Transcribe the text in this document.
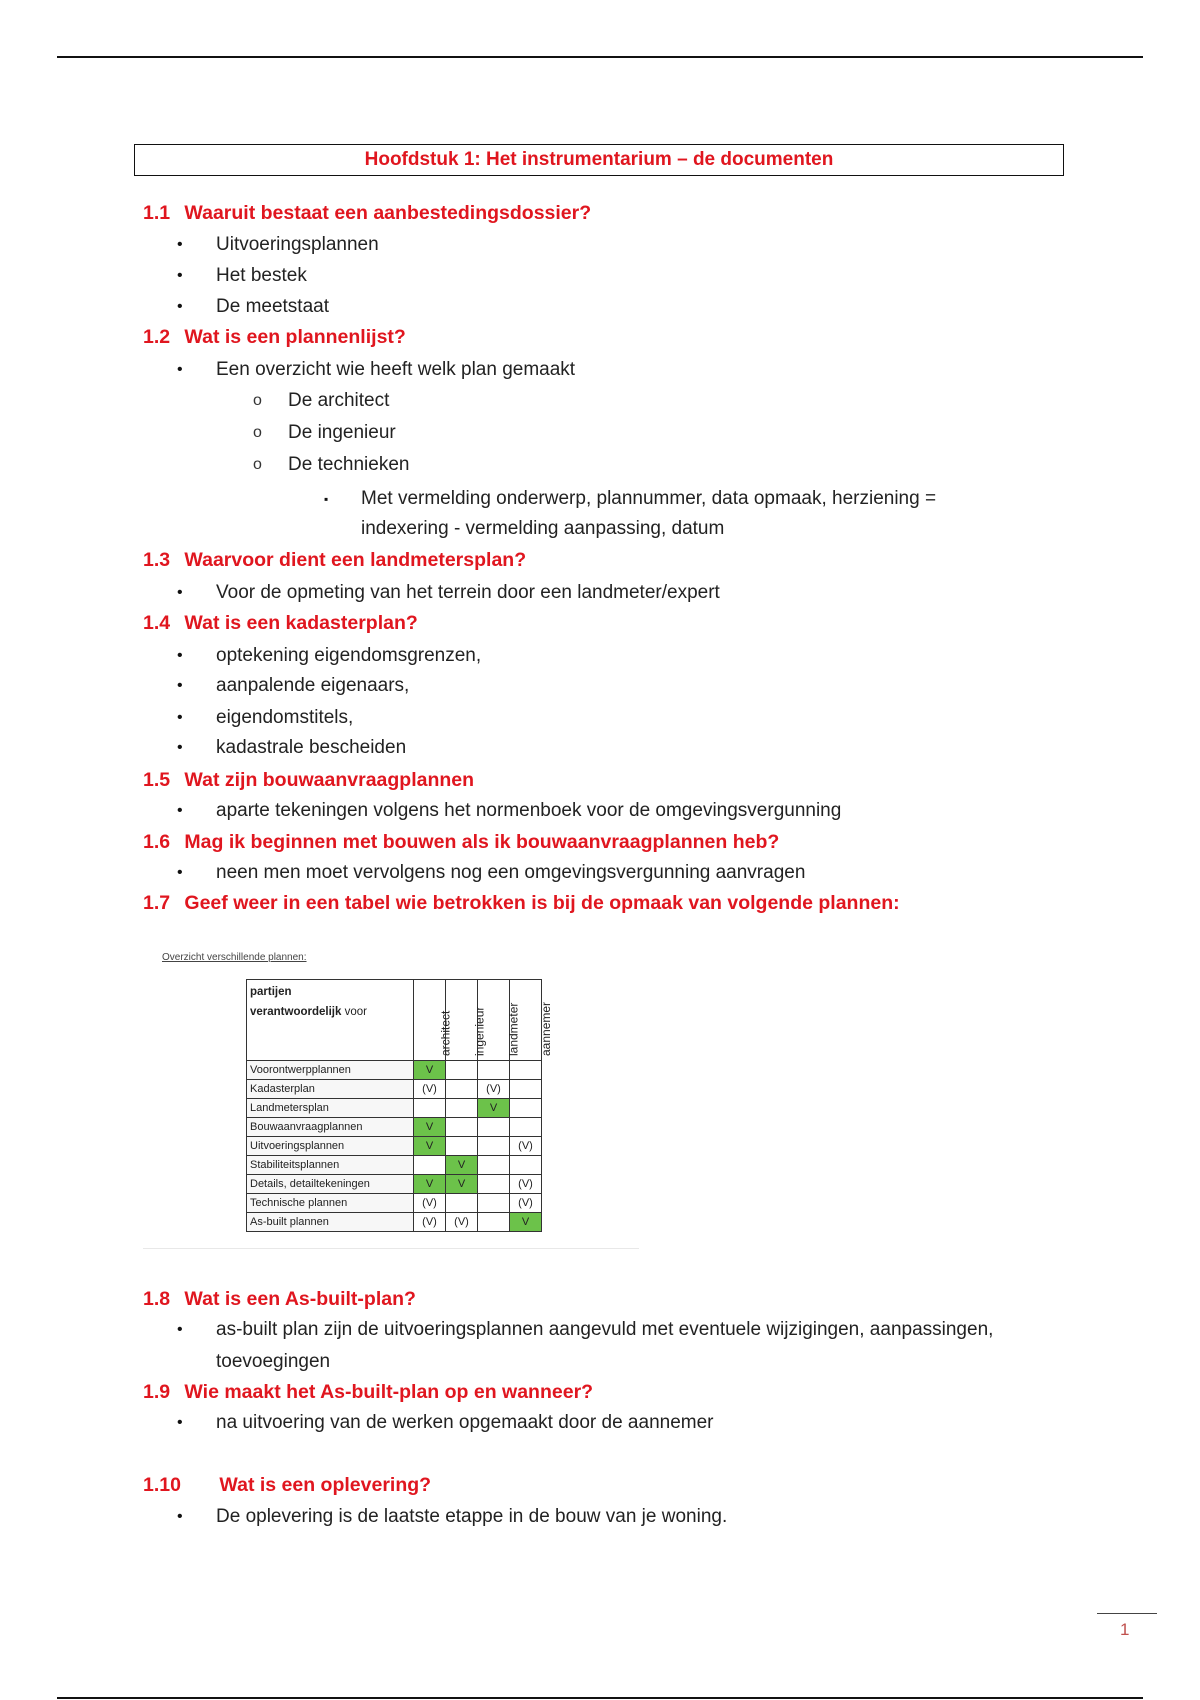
Hoofdstuk 1: Het instrumentarium – de documenten
1.1 Waaruit bestaat een aanbestedingsdossier?
• Uitvoeringsplannen
• Het bestek
• De meetstaat
1.2 Wat is een plannenlijst?
• Een overzicht wie heeft welk plan gemaakt
o De architect
o De ingenieur
o De technieken
▪ Met vermelding onderwerp, plannummer, data opmaak, herziening =
indexering - vermelding aanpassing, datum
1.3 Waarvoor dient een landmetersplan?
• Voor de opmeting van het terrein door een landmeter/expert
1.4 Wat is een kadasterplan?
• optekening eigendomsgrenzen,
• aanpalende eigenaars,
• eigendomstitels,
• kadastrale bescheiden
1.5 Wat zijn bouwaanvraagplannen
• aparte tekeningen volgens het normenboek voor de omgevingsvergunning
1.6 Mag ik beginnen met bouwen als ik bouwaanvraagplannen heb?
• neen men moet vervolgens nog een omgevingsvergunning aanvragen
1.7 Geef weer in een tabel wie betrokken is bij de opmaak van volgende plannen:
Overzicht verschillende plannen:
partijen
verantwoordelijk voor	architect	ingenieur	landmeter	aannemer

Voorontwerpplannen	V			
Kadasterplan	(V)		(V)	
Landmetersplan			V	
Bouwaanvraagplannen	V			
Uitvoeringsplannen	V			(V)
Stabiliteitsplannen		V		
Details, detailtekeningen	V	V		(V)
Technische plannen	(V)			(V)
As-built plannen	(V)	(V)		V
1.8 Wat is een As-built-plan?
• as-built plan zijn de uitvoeringsplannen aangevuld met eventuele wijzigingen, aanpassingen,
toevoegingen
1.9 Wie maakt het As-built-plan op en wanneer?
• na uitvoering van de werken opgemaakt door de aannemer
1.10 Wat is een oplevering?
• De oplevering is de laatste etappe in de bouw van je woning.
1
